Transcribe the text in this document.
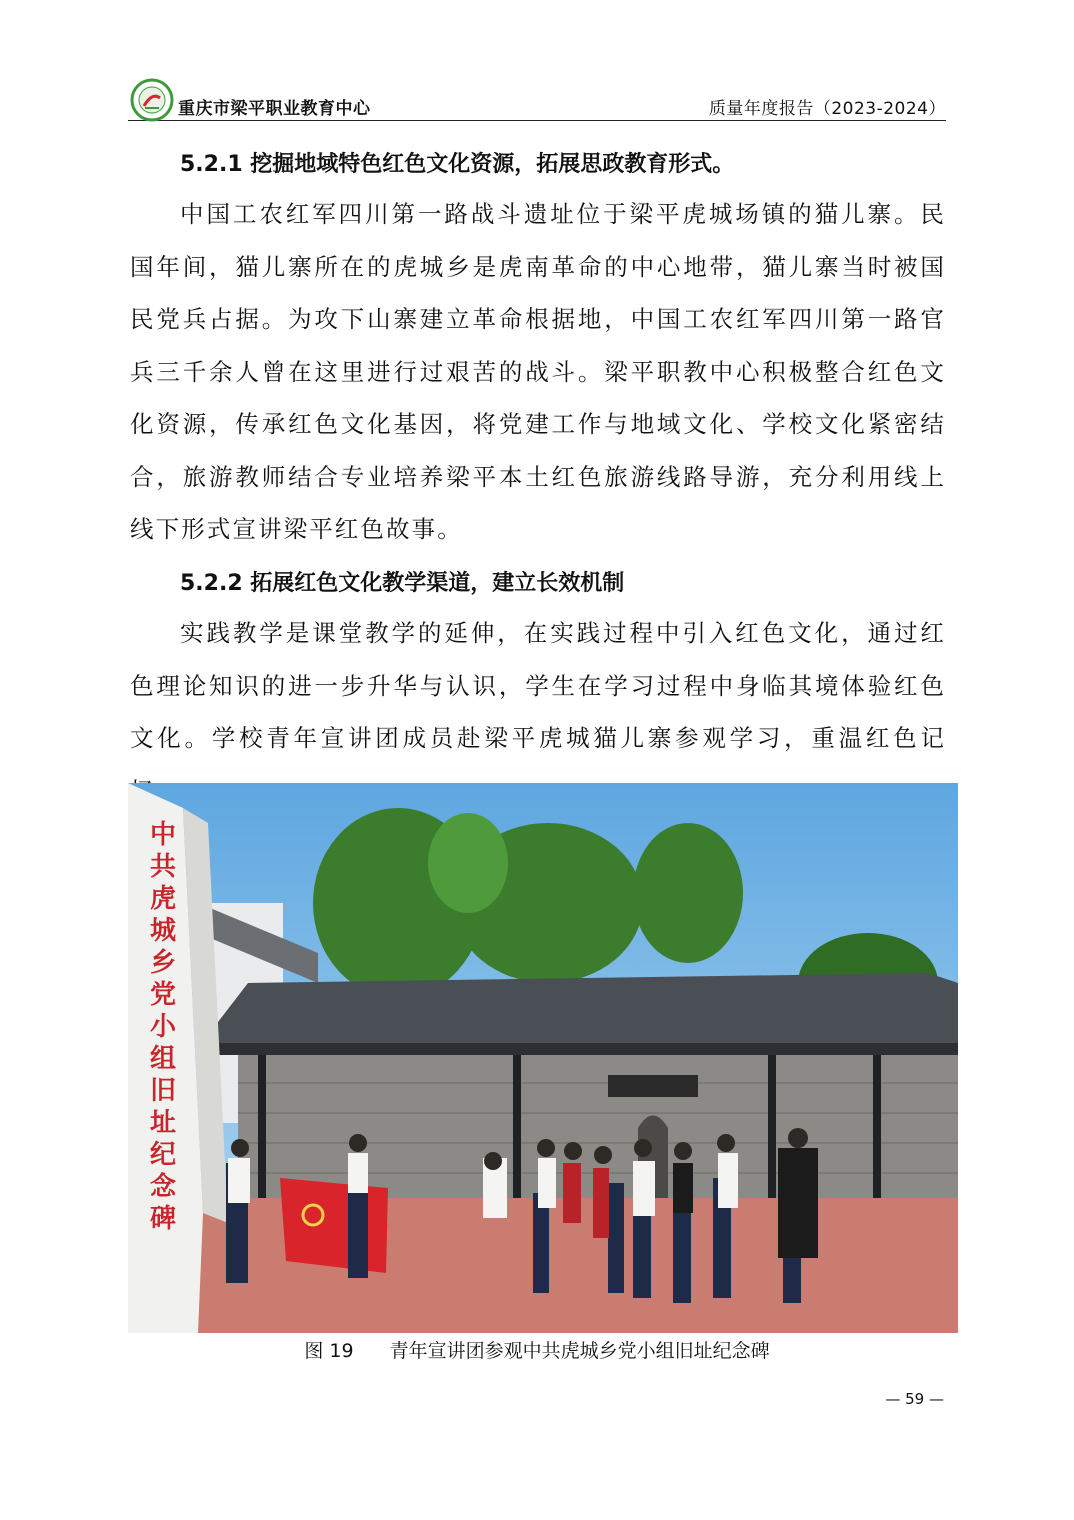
重庆市梁平职业教育中心	质量年度报告（2023-2024）
5.2.1 挖掘地域特色红色文化资源，拓展思政教育形式。
中国工农红军四川第一路战斗遗址位于梁平虎城场镇的猫儿寨。民国年间，猫儿寨所在的虎城乡是虎南革命的中心地带，猫儿寨当时被国民党兵占据。为攻下山寨建立革命根据地，中国工农红军四川第一路官兵三千余人曾在这里进行过艰苦的战斗。梁平职教中心积极整合红色文化资源，传承红色文化基因，将党建工作与地域文化、学校文化紧密结合，旅游教师结合专业培养梁平本土红色旅游线路导游，充分利用线上线下形式宣讲梁平红色故事。
5.2.2 拓展红色文化教学渠道，建立长效机制
实践教学是课堂教学的延伸，在实践过程中引入红色文化，通过红色理论知识的进一步升华与认识，学生在学习过程中身临其境体验红色文化。学校青年宣讲团成员赴梁平虎城猫儿寨参观学习，重温红色记
中共虎城乡党小组旧址纪念碑
图 19 青年宣讲团参观中共虎城乡党小组旧址纪念碑
— 59 —
